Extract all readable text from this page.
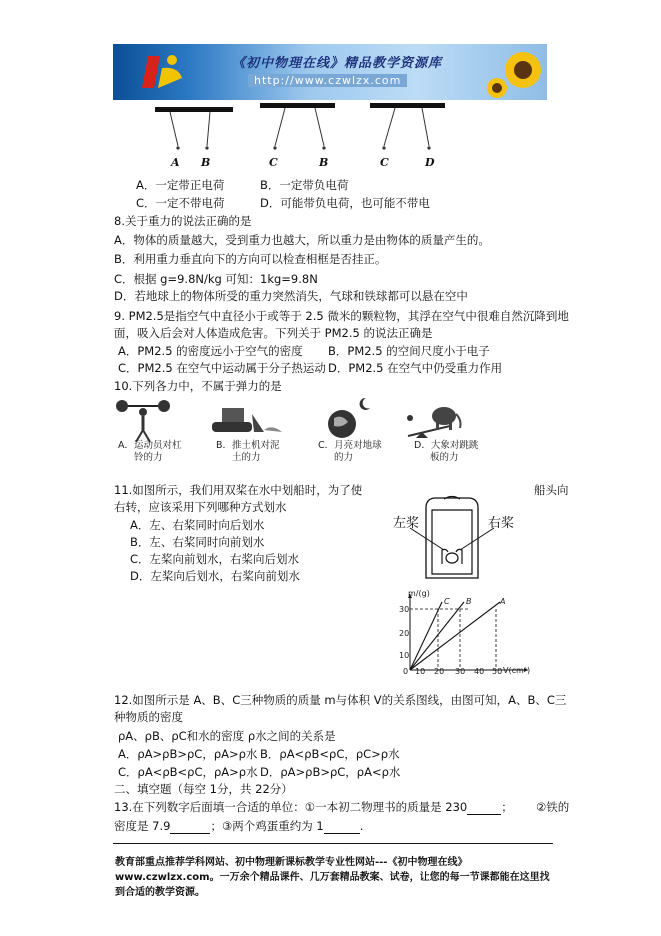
《初中物理在线》精品教学资源库
http://www.czwlzx.com
A B	C	B	C	D
A．一定带正电荷	B．一定带负电荷
C．一定不带电荷	D．可能带负电荷，也可能不带电
8.关于重力的说法正确的是
A．物体的质量越大，受到重力也越大，所以重力是由物体的质量产生的。
B．利用重力垂直向下的方向可以检查相框是否挂正。
C．根据 g=9.8N/kg 可知：1kg=9.8N
D．若地球上的物体所受的重力突然消失，气球和铁球都可以悬在空中
9. PM2.5是指空气中直径小于或等于 2.5 微米的颗粒物，其浮在空气中很难自然沉降到地
面，吸入后会对人体造成危害。下列关于 PM2.5 的说法正确是
A．PM2.5 的密度远小于空气的密度 B．PM2.5 的空间尺度小于电子
C．PM2.5 在空气中运动属于分子热运动 D．PM2.5 在空气中仍受重力作用
10.下列各力中，不属于弹力的是
A．运动员对杠
铃的力
B．推土机对泥
土的力
C．月亮对地球
的力
D．大象对跳跳
板的力
11.如图所示，我们用双桨在水中划船时，为了使	船头向
右转，应该采用下列哪种方式划水
A．左、右桨同时向后划水
B．左、右桨同时向前划水
C．左桨向前划水，右桨向后划水
D．左桨向后划水，右桨向前划水
左桨	右桨
m/(g)
V(cm³)
0 10 20 30 40 50
10
20
30
C B	A
12.如图所示是 A、B、C三种物质的质量 m与体积 V的关系图线，由图可知，A、B、C三
种物质的密度
ρA、ρB、ρC和水的密度 ρ水之间的关系是
A．ρA>ρB>ρC，ρA>ρ水 B．ρA<ρB<ρC，ρC>ρ水
C．ρA<ρB<ρC，ρA>ρ水 D．ρA>ρB>ρC，ρA<ρ水
二、填空题（每空 1分，共 22分）
13.在下列数字后面填一合适的单位：①一本初二物理书的质量是 230	； ②铁的
密度是 7.9	；③两个鸡蛋重约为 1	.
教育部重点推荐学科网站、初中物理新课标教学专业性网站---《初中物理在线》www.czwlzx.com。一万余个精品课件、几万套精品教案、试卷，让您的每一节课都能在这里找到合适的教学资源。
